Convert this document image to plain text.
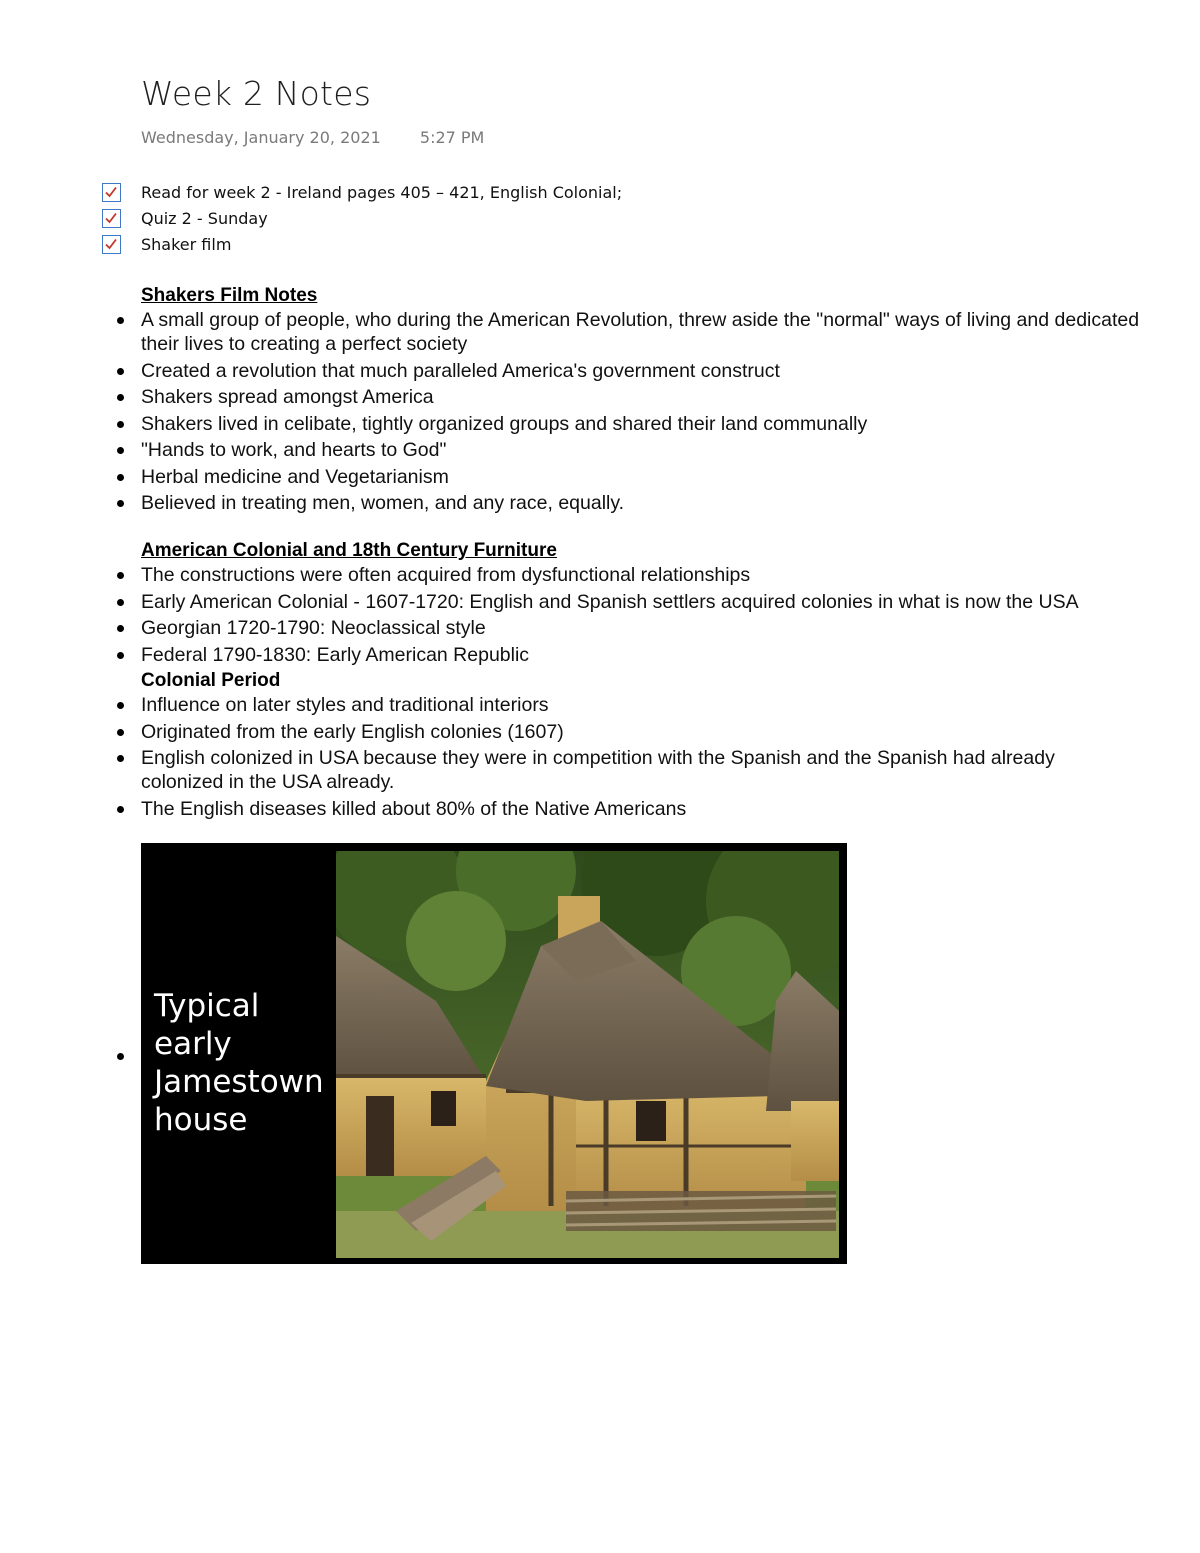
Week 2 Notes
Wednesday, January 20, 2021 5:27 PM
Read for week 2 - Ireland pages 405 – 421, English Colonial;
Quiz 2 - Sunday
Shaker film
Shakers Film Notes
A small group of people, who during the American Revolution, threw aside the "normal" ways of living and dedicated their lives to creating a perfect society
Created a revolution that much paralleled America's government construct
Shakers spread amongst America
Shakers lived in celibate, tightly organized groups and shared their land communally
"Hands to work, and hearts to God"
Herbal medicine and Vegetarianism
Believed in treating men, women, and any race, equally.
American Colonial and 18th Century Furniture
The constructions were often acquired from dysfunctional relationships
Early American Colonial - 1607-1720: English and Spanish settlers acquired colonies in what is now the USA
Georgian 1720-1790: Neoclassical style
Federal 1790-1830: Early American Republic
Colonial Period
Influence on later styles and traditional interiors
Originated from the early English colonies (1607)
English colonized in USA because they were in competition with the Spanish and the Spanish had already colonized in the USA already.
The English diseases killed about 80% of the Native Americans
Typical early Jamestown house
